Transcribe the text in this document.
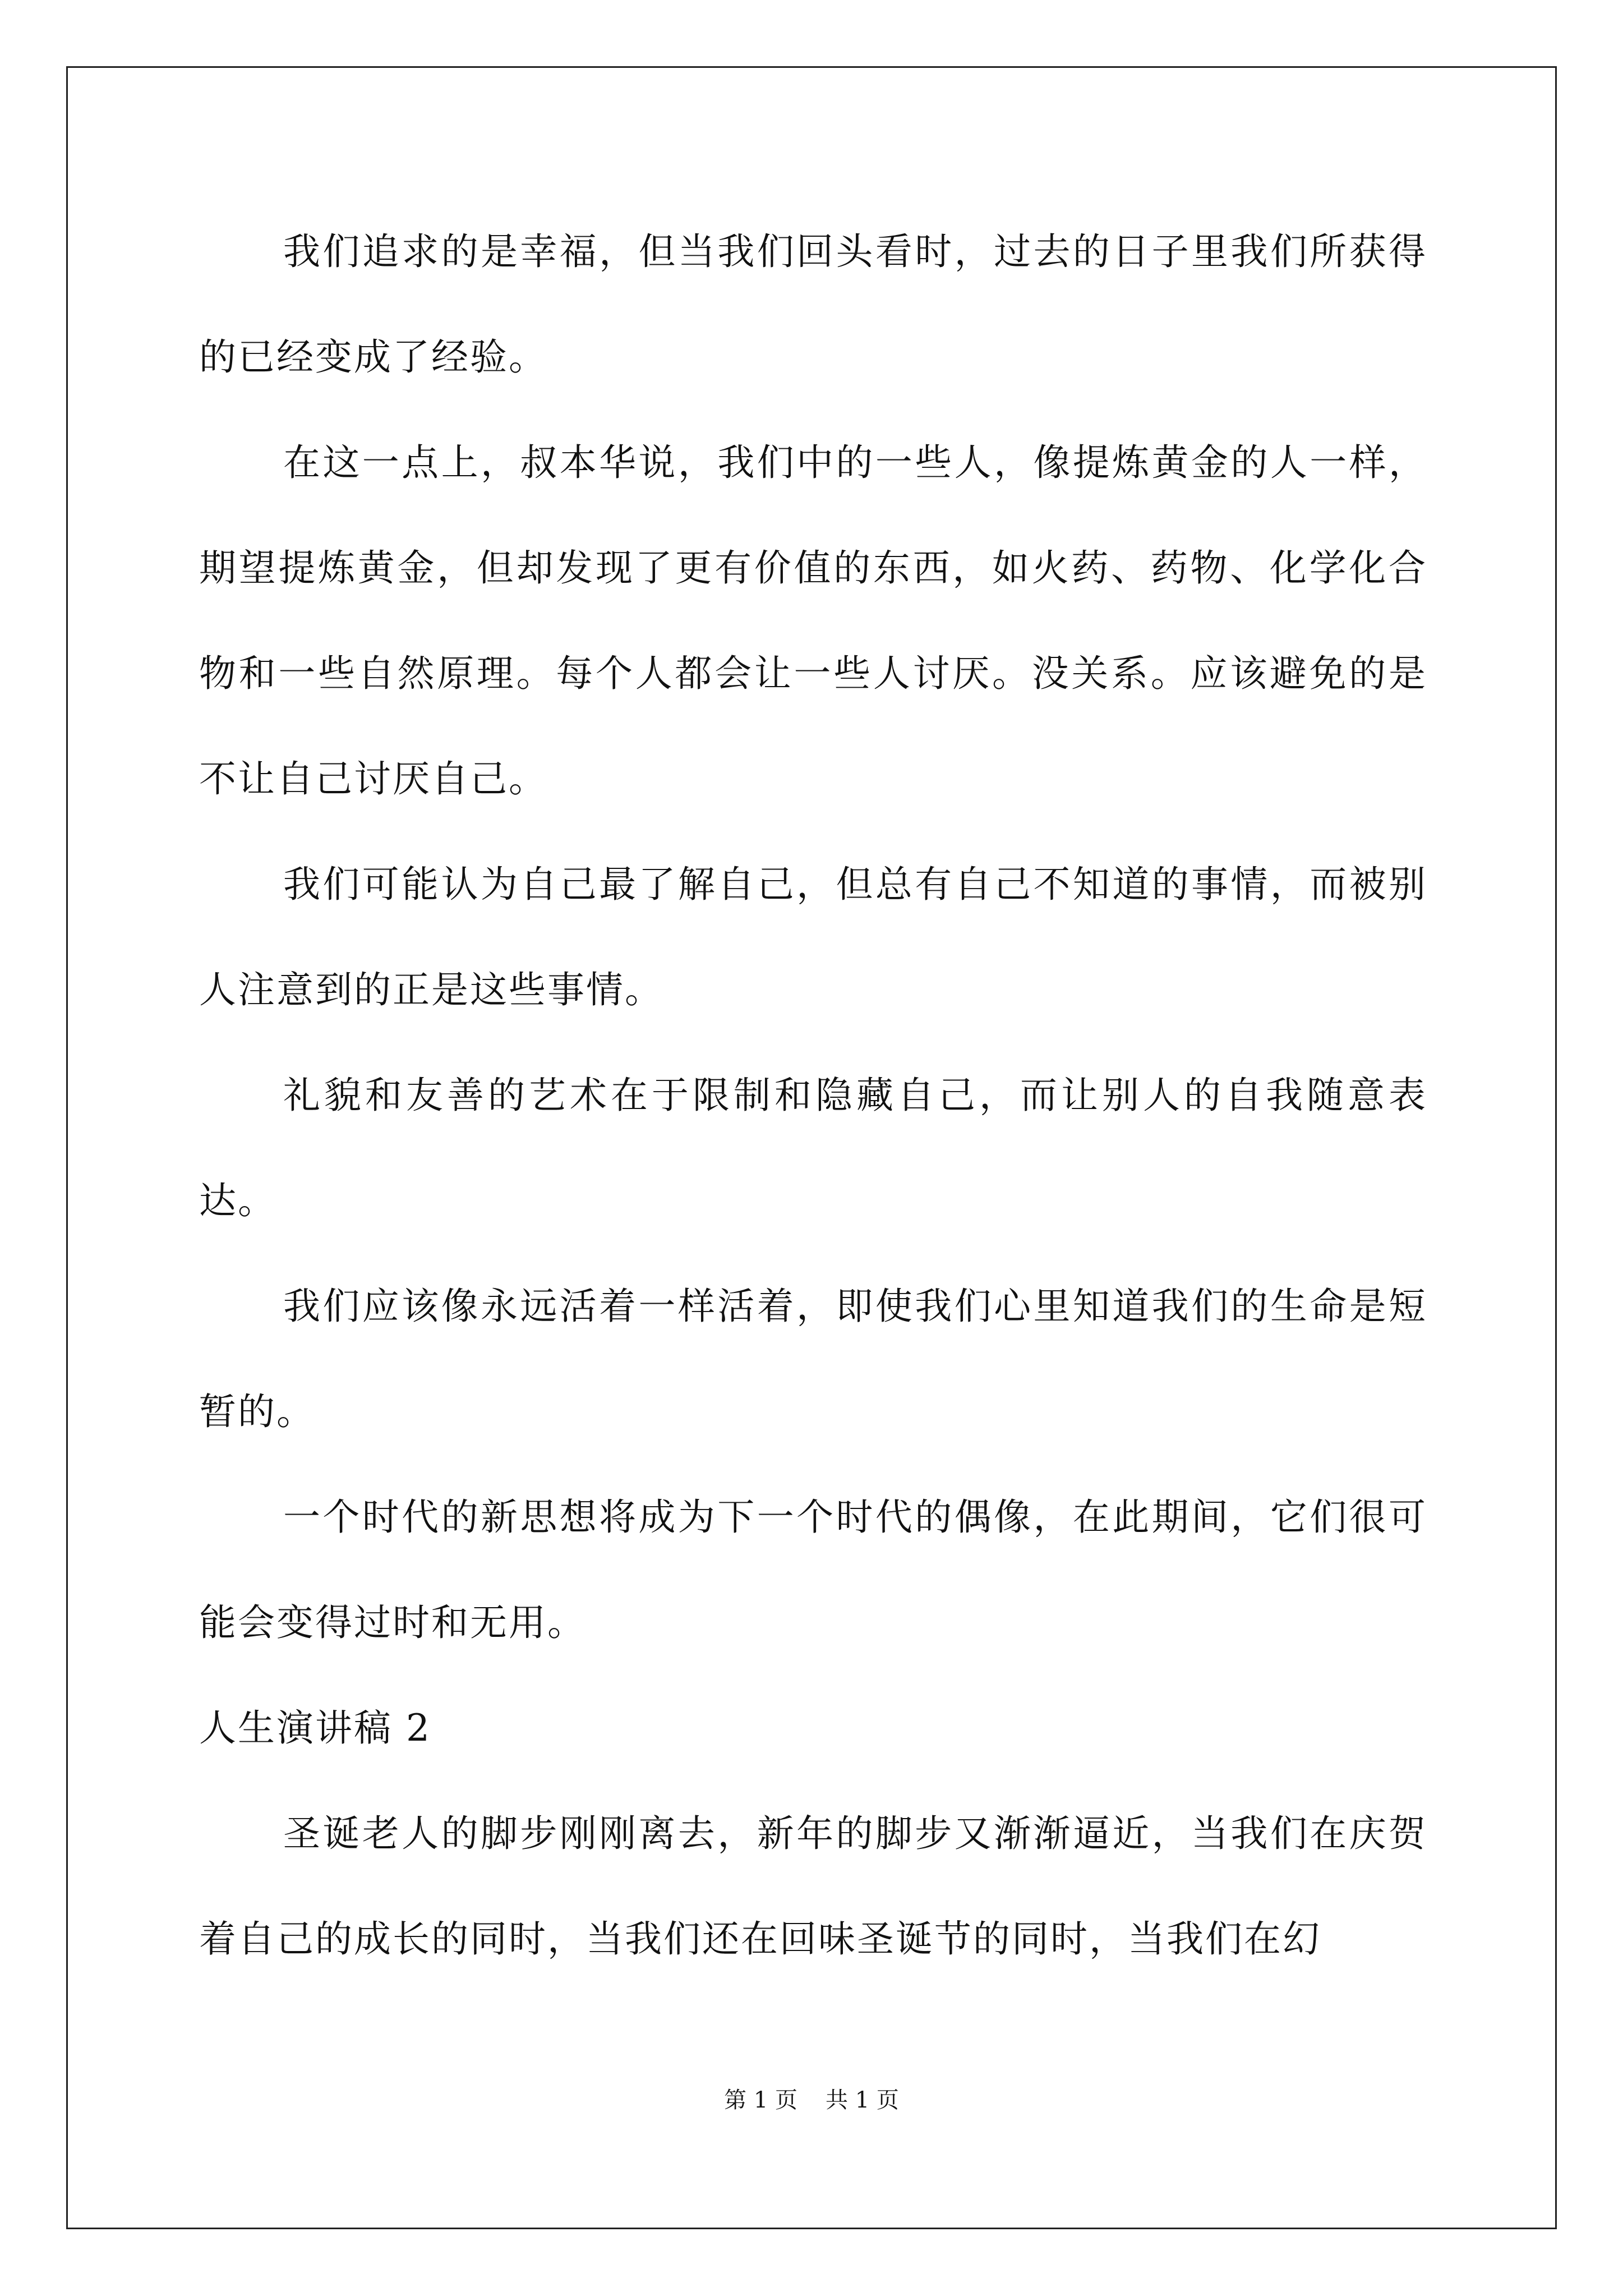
我们追求的是幸福，但当我们回头看时，过去的日子里我们所获得的已经变成了经验。

在这一点上，叔本华说，我们中的一些人，像提炼黄金的人一样，期望提炼黄金，但却发现了更有价值的东西，如火药、药物、化学化合物和一些自然原理。每个人都会让一些人讨厌。没关系。应该避免的是不让自己讨厌自己。

我们可能认为自己最了解自己，但总有自己不知道的事情，而被别人注意到的正是这些事情。

礼貌和友善的艺术在于限制和隐藏自己，而让别人的自我随意表达。

我们应该像永远活着一样活着，即使我们心里知道我们的生命是短暂的。

一个时代的新思想将成为下一个时代的偶像，在此期间，它们很可能会变得过时和无用。

人生演讲稿 2

圣诞老人的脚步刚刚离去，新年的脚步又渐渐逼近，当我们在庆贺着自己的成长的同时，当我们还在回味圣诞节的同时，当我们在幻

第 1 页 共 1 页
